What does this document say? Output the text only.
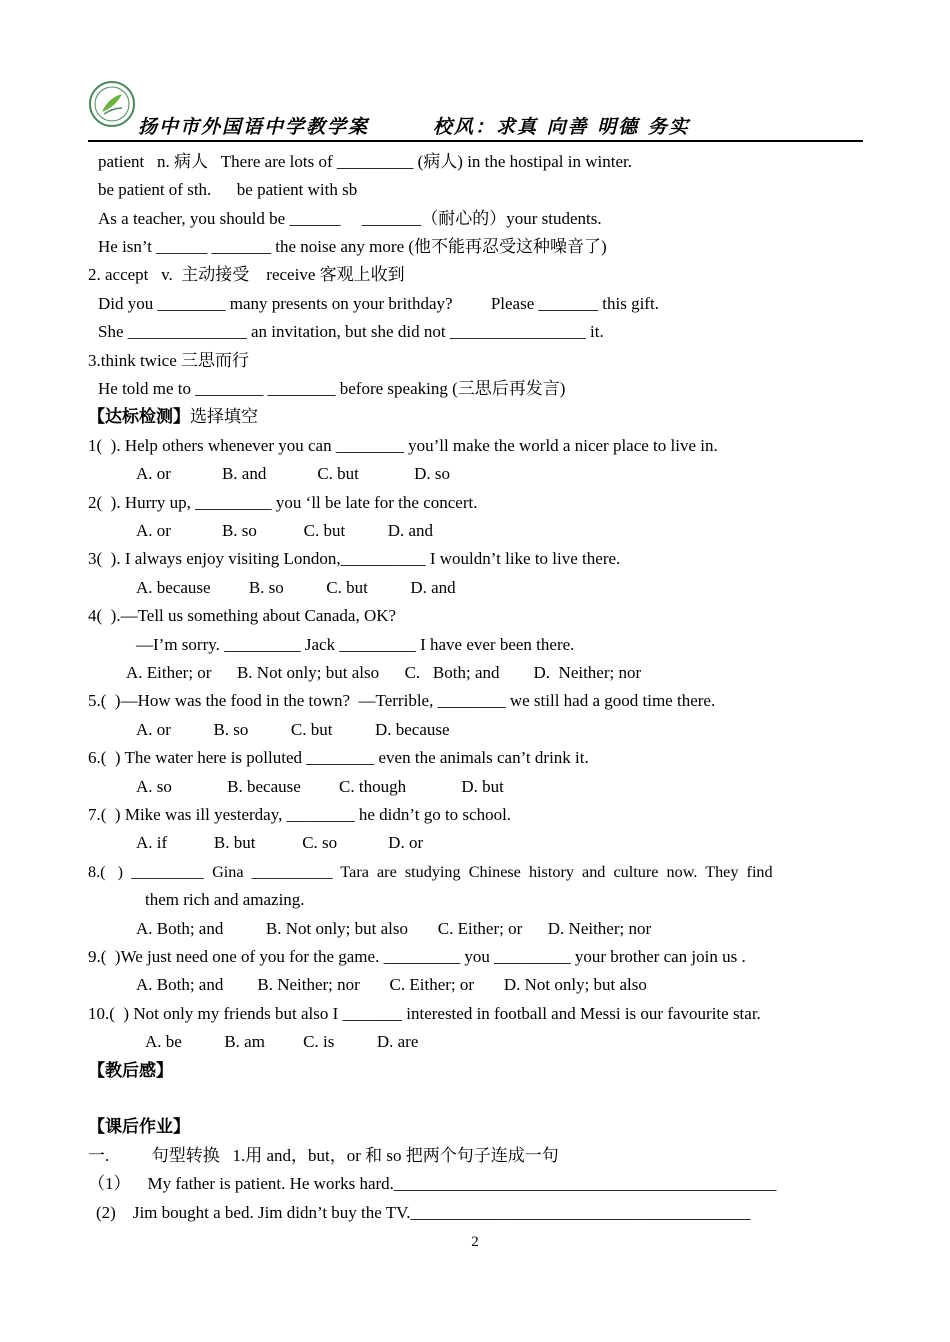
扬中市外国语中学教学案	校风：求真 向善 明德 务实
patient   n. 病人   There are lots of _________ (病人) in the hostipal in winter.
be patient of sth.      be patient with sb
As a teacher, you should be ______     _______（耐心的）your students.
He isn’t ______ _______ the noise any more (他不能再忍受这种噪音了)
2. accept   v.  主动接受    receive 客观上收到
Did you ________ many presents on your brithday?         Please _______ this gift.
She ______________ an invitation, but she did not ________________ it.
3.think twice 三思而行
He told me to ________ ________ before speaking (三思后再发言)
【达标检测】选择填空
1(  ). Help others whenever you can ________ you’ll make the world a nicer place to live in.
A. or            B. and            C. but             D. so
2(  ). Hurry up, _________ you ‘ll be late for the concert.
A. or            B. so           C. but          D. and
3(  ). I always enjoy visiting London,__________ I wouldn’t like to live there.
A. because         B. so          C. but          D. and
4(  ).—Tell us something about Canada, OK?
—I’m sorry. _________ Jack _________ I have ever been there.
A. Either; or      B. Not only; but also      C.   Both; and        D.  Neither; nor
5.(  )—How was the food in the town?  —Terrible, ________ we still had a good time there.
A. or          B. so          C. but          D. because
6.(  ) The water here is polluted ________ even the animals can’t drink it.
A. so             B. because         C. though             D. but
7.(  ) Mike was ill yesterday, ________ he didn’t go to school.
A. if           B. but           C. so            D. or
8.(   )  _________  Gina  __________  Tara  are  studying  Chinese  history  and  culture  now.  They  find
them rich and amazing.
A. Both; and          B. Not only; but also       C. Either; or      D. Neither; nor
9.(  )We just need one of you for the game. _________ you _________ your brother can join us .
A. Both; and        B. Neither; nor       C. Either; or       D. Not only; but also
10.(  ) Not only my friends but also I _______ interested in football and Messi is our favourite star.
A. be          B. am         C. is          D. are
【教后感】
【课后作业】
一.          句型转换   1.用 and，but，or 和 so 把两个句子连成一句
（1）    My father is patient. He works hard._____________________________________________
(2)    Jim bought a bed. Jim didn’t buy the TV.________________________________________
2
